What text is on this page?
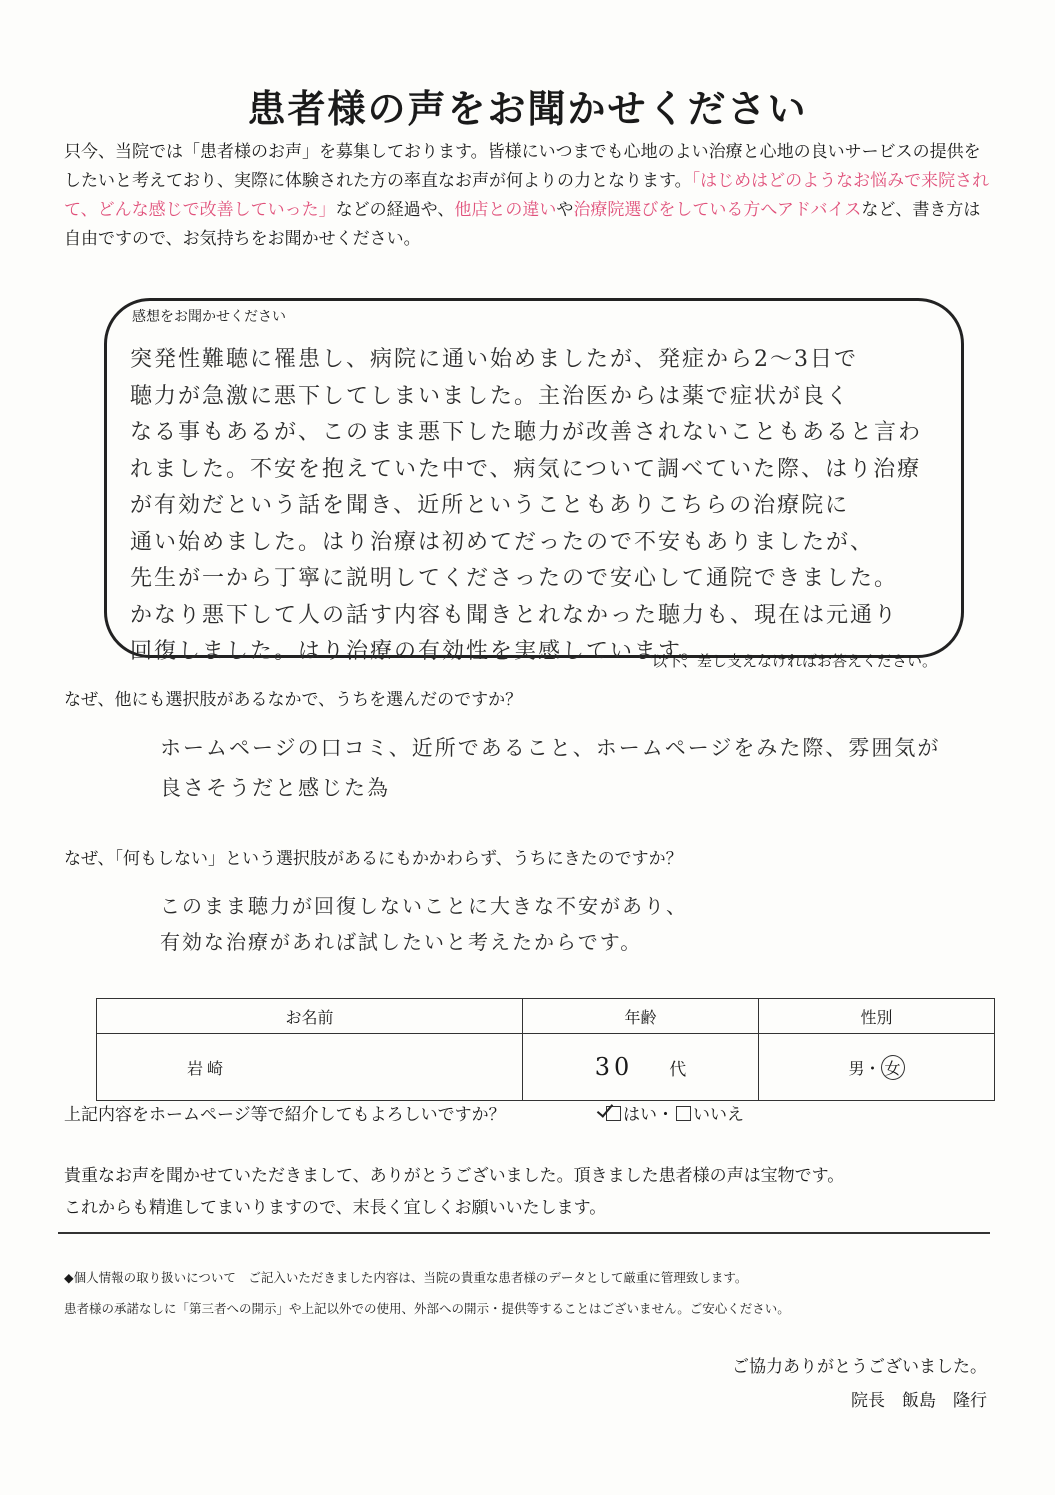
患者様の声をお聞かせください
只今、当院では「患者様のお声」を募集しております。皆様にいつまでも心地のよい治療と心地の良いサービスの提供をしたいと考えており、実際に体験された方の率直なお声が何よりの力となります。「はじめはどのようなお悩みで来院されて、どんな感じで改善していった」などの経過や、他店との違いや治療院選びをしている方へアドバイスなど、書き方は自由ですので、お気持ちをお聞かせください。
感想をお聞かせください
突発性難聴に罹患し、病院に通い始めましたが、発症から2～3日で
聴力が急激に悪下してしまいました。主治医からは薬で症状が良く
なる事もあるが、このまま悪下した聴力が改善されないこともあると言わ
れました。不安を抱えていた中で、病気について調べていた際、はり治療
が有効だという話を聞き、近所ということもありこちらの治療院に
通い始めました。はり治療は初めてだったので不安もありましたが、
先生が一から丁寧に説明してくださったので安心して通院できました。
かなり悪下して人の話す内容も聞きとれなかった聴力も、現在は元通り
回復しました。はり治療の有効性を実感しています。
以下、差し支えなければお答えください。
なぜ、他にも選択肢があるなかで、うちを選んだのですか？
ホームページの口コミ、近所であること、ホームページをみた際、雰囲気が
良さそうだと感じた為
なぜ、「何もしない」という選択肢があるにもかかわらず、うちにきたのですか？
このまま聴力が回復しないことに大きな不安があり、
有効な治療があれば試したいと考えたからです。
お名前	年齢	性別
岩崎	30 代	男・ 女
上記内容をホームページ等で紹介してもよろしいですか？	はい・ いいえ
貴重なお声を聞かせていただきまして、ありがとうございました。頂きました患者様の声は宝物です。
これからも精進してまいりますので、末長く宜しくお願いいたします。
◆個人情報の取り扱いについて　ご記入いただきました内容は、当院の貴重な患者様のデータとして厳重に管理致します。
患者様の承諾なしに「第三者への開示」や上記以外での使用、外部への開示・提供等することはございません。ご安心ください。
ご協力ありがとうございました。
院長　飯島　隆行
